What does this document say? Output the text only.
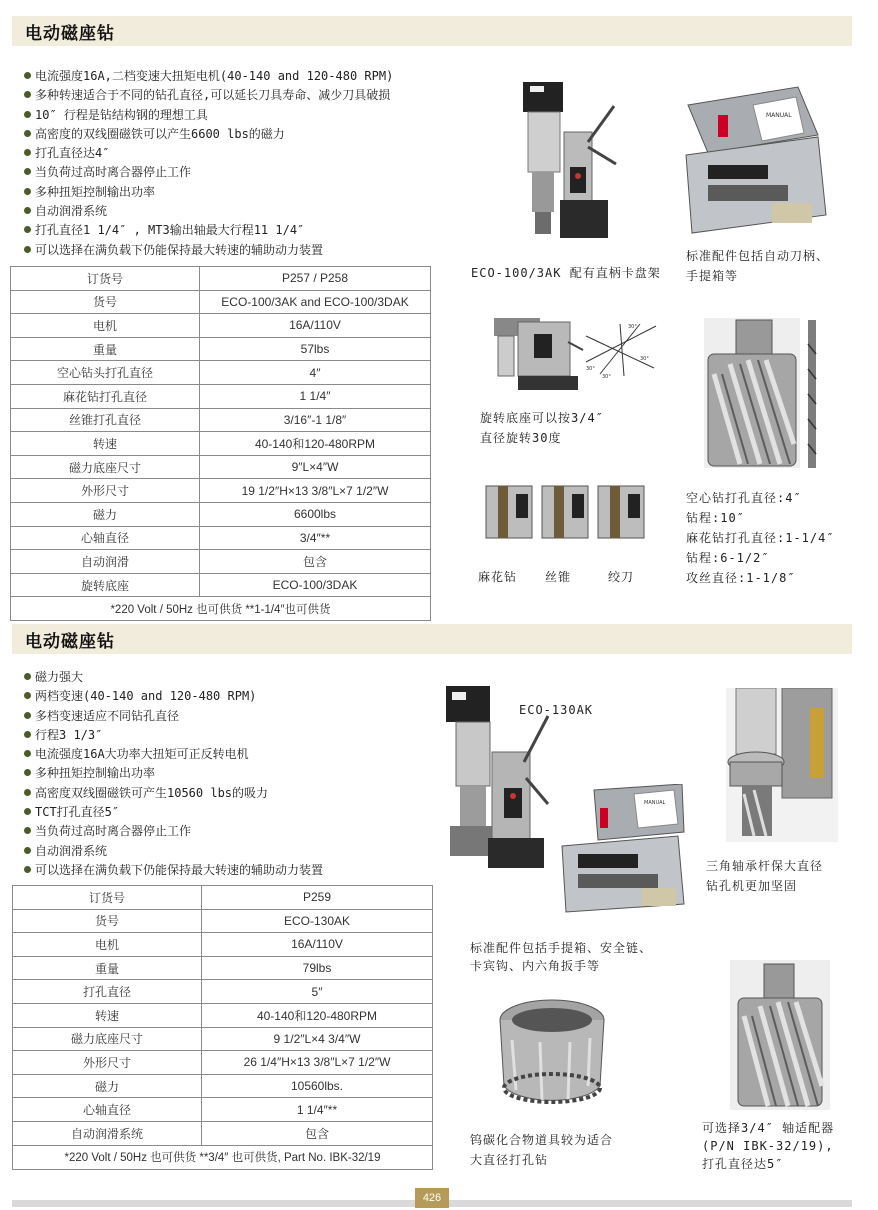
电动磁座钻
电流强度16A,二档变速大扭矩电机(40-140 and 120-480 RPM)
多种转速适合于不同的钻孔直径,可以延长刀具寿命、减少刀具破损
10″ 行程是钻结构钢的理想工具
高密度的双线圈磁铁可以产生6600 lbs的磁力
打孔直径达4″
当负荷过高时离合器停止工作
多种扭矩控制输出功率
自动润滑系统
打孔直径1 1/4″ , MT3输出轴最大行程11 1/4″
可以选择在满负载下仍能保持最大转速的辅助动力装置
订货号	P257 / P258
货号	ECO-100/3AK and ECO-100/3DAK
电机	16A/110V
重量	57lbs
空心钻头打孔直径	4″
麻花钻打孔直径	1 1/4″
丝锥打孔直径	3/16″-1 1/8″
转速	40-140和120-480RPM
磁力底座尺寸	9″L×4″W
外形尺寸	19 1/2″H×13 3/8″L×7 1/2″W
磁力	6600lbs
心轴直径	3/4″**
自动润滑	包含
旋转底座	ECO-100/3DAK
*220 Volt / 50Hz 也可供货 **1-1/4″也可供货	
MANUAL
ECO-100/3AK 配有直柄卡盘架
标准配件包括自动刀柄、
手提箱等
30°
30°
30°
30°
旋转底座可以按3/4″
直径旋转30度
空心钻打孔直径:4″
钻程:10″
麻花钻打孔直径:1-1/4″
钻程:6-1/2″
攻丝直径:1-1/8″
麻花钻 丝锥	绞刀
电动磁座钻
磁力强大
两档变速(40-140 and 120-480 RPM)
多档变速适应不同钻孔直径
行程3 1/3″
电流强度16A大功率大扭矩可正反转电机
多种扭矩控制输出功率
高密度双线圈磁铁可产生10560 lbs的吸力
TCT打孔直径5″
当负荷过高时离合器停止工作
自动润滑系统
可以选择在满负载下仍能保持最大转速的辅助动力装置
订货号	P259
货号	ECO-130AK
电机	16A/110V
重量	79lbs
打孔直径	5″
转速	40-140和120-480RPM
磁力底座尺寸	9 1/2″L×4 3/4″W
外形尺寸	26 1/4″H×13 3/8″L×7 1/2″W
磁力	10560lbs.
心轴直径	1 1/4″**
自动润滑系统	包含
*220 Volt / 50Hz 也可供货 **3/4″ 也可供货, Part No. IBK-32/19	
ECO-130AK
MANUAL
标准配件包括手提箱、安全链、
卡宾钩、内六角扳手等
三角轴承杆保大直径
钻孔机更加坚固
钨碳化合物道具较为适合
大直径打孔钻
可选择3/4″ 轴适配器
(P/N IBK-32/19),
打孔直径达5″
426
